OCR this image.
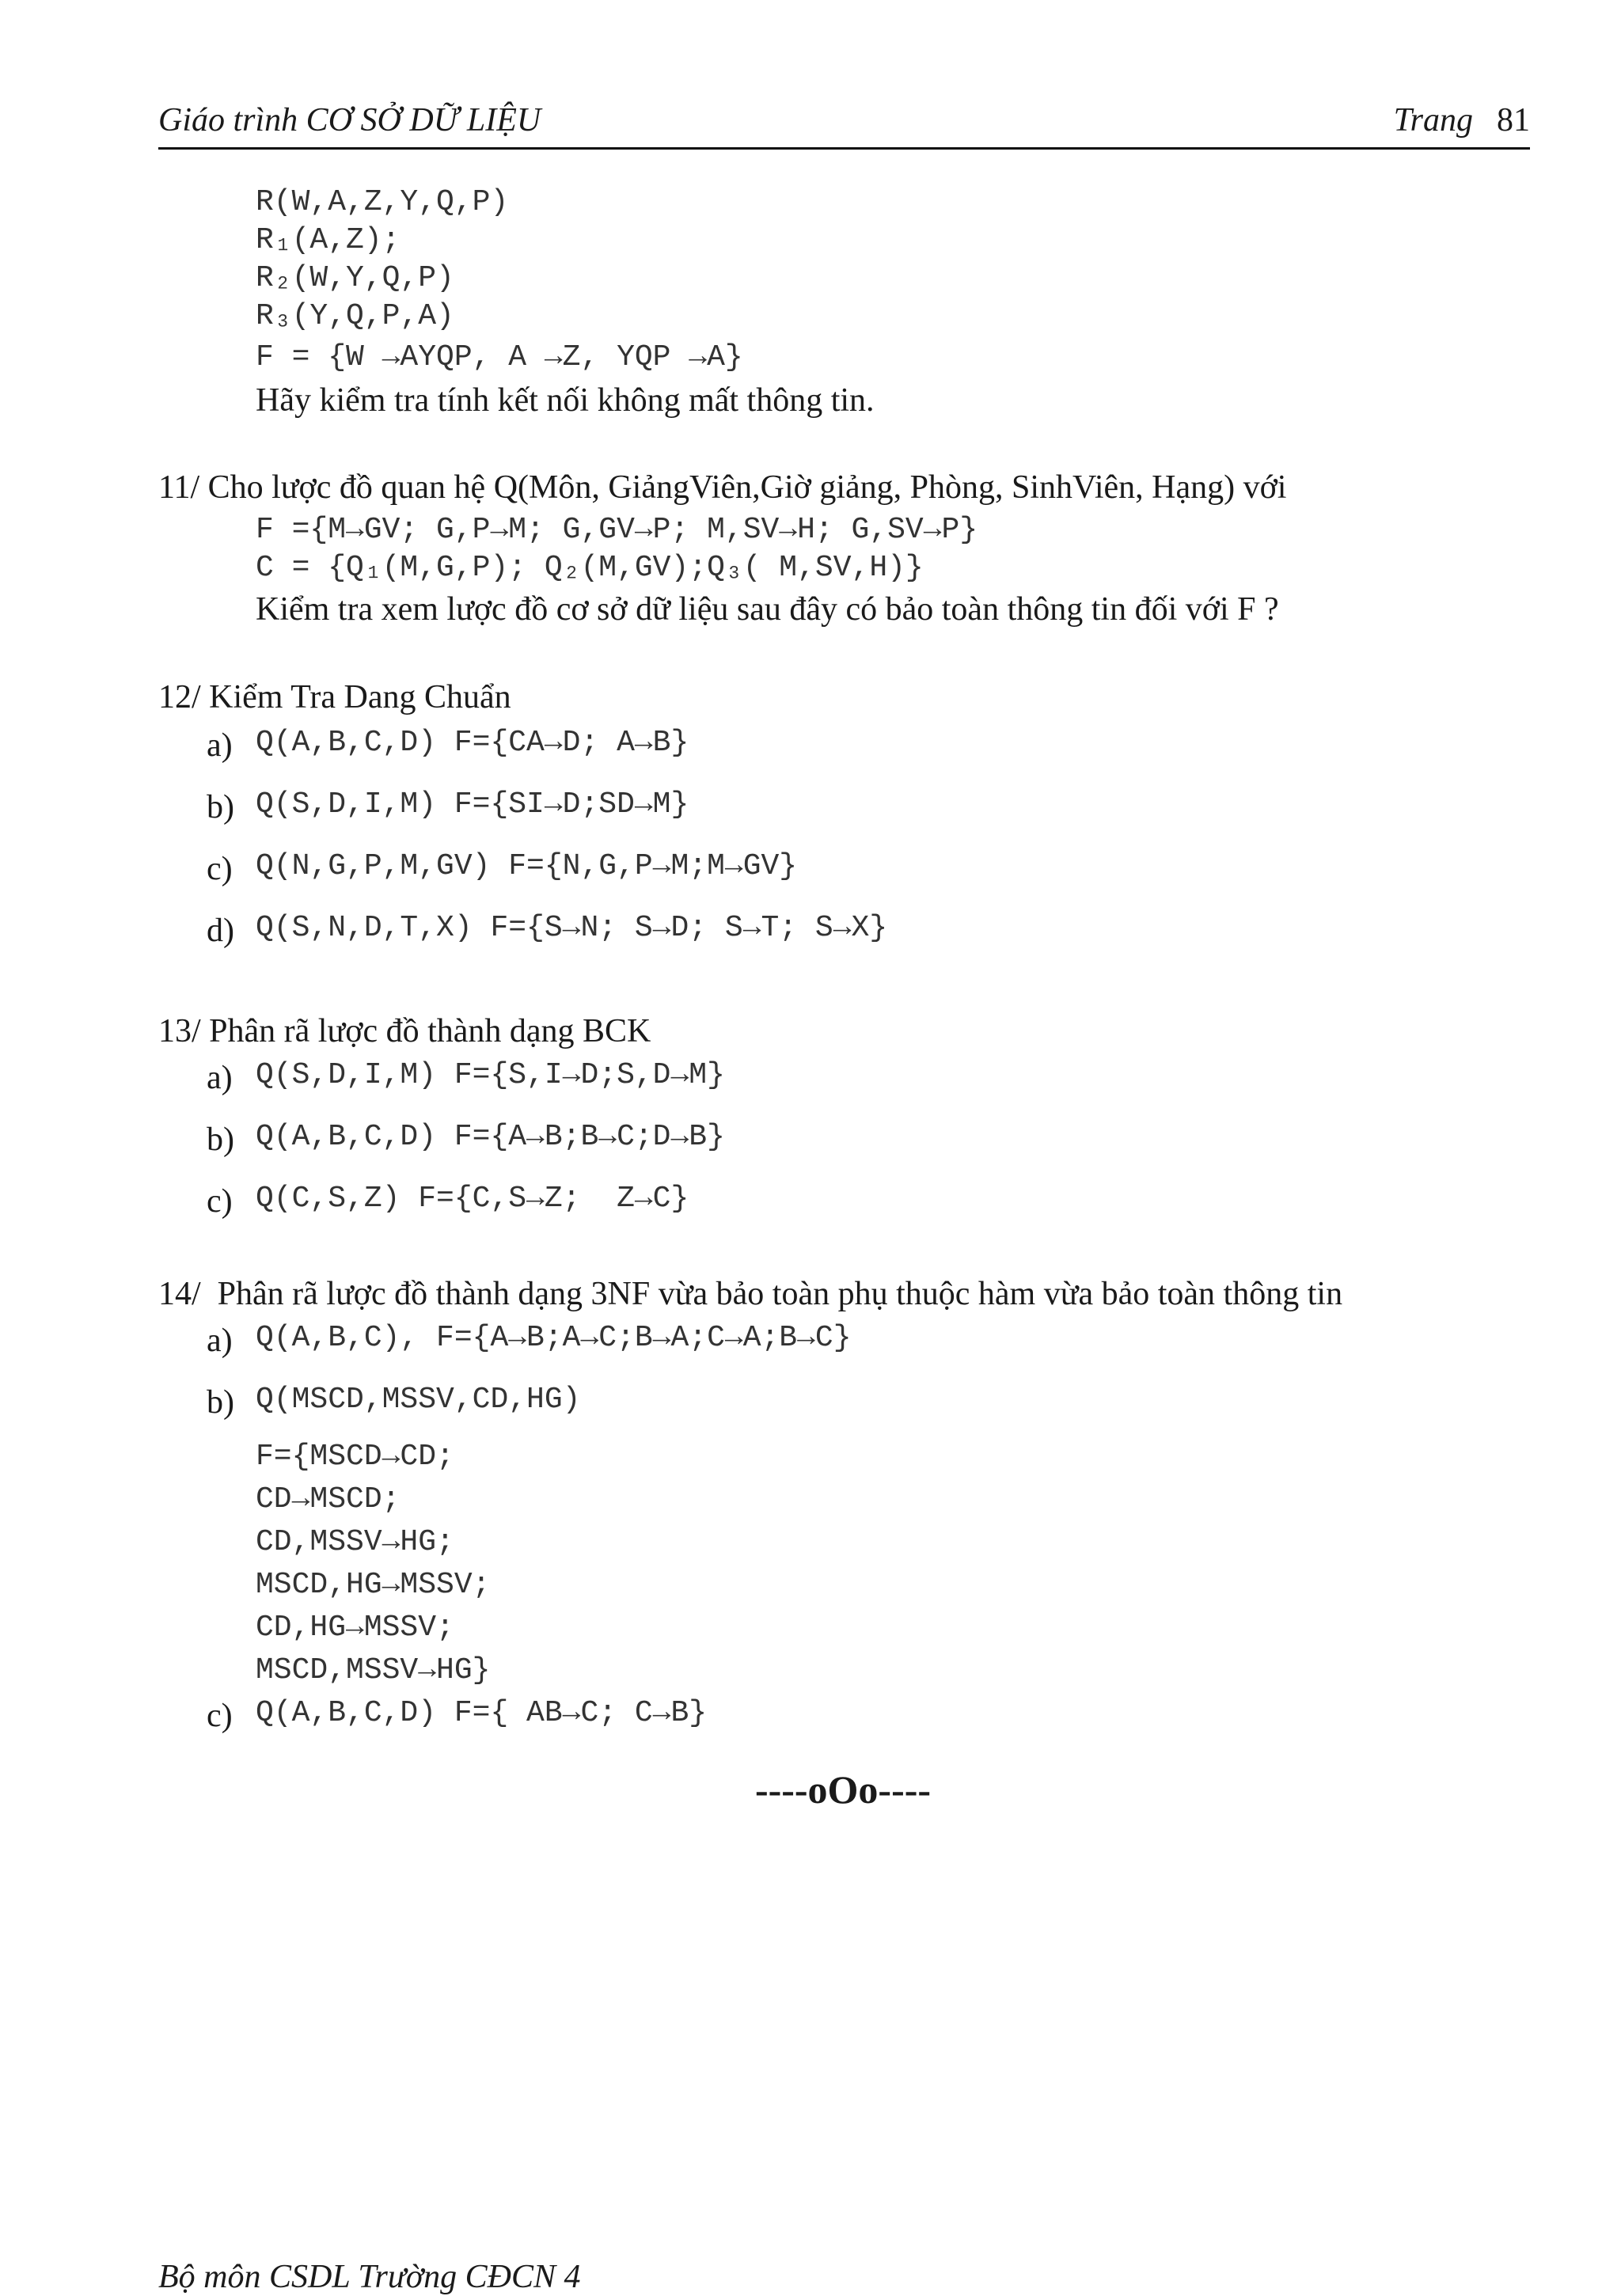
Giáo trình CƠ SỞ DỮ LIỆU	Trang 81
R(W,A,Z,Y,Q,P)
R₁(A,Z);
R₂(W,Y,Q,P)
R₃(Y,Q,P,A)
F = {W →AYQP, A →Z, YQP →A}
Hãy kiểm tra tính kết nối không mất thông tin.
11/ Cho lược đồ quan hệ Q(Môn, GiảngViên,Giờ giảng, Phòng, SinhViên, Hạng) với
F ={M→GV; G,P→M; G,GV→P; M,SV→H; G,SV→P}
C = {Q₁(M,G,P); Q₂(M,GV);Q₃( M,SV,H)}
Kiểm tra xem lược đồ cơ sở dữ liệu sau đây có bảo toàn thông tin đối với F ?
12/ Kiểm Tra Dang Chuẩn
a) Q(A,B,C,D) F={CA→D; A→B}
b) Q(S,D,I,M) F={SI→D;SD→M}
c) Q(N,G,P,M,GV) F={N,G,P→M;M→GV}
d) Q(S,N,D,T,X) F={S→N; S→D; S→T; S→X}
13/ Phân rã lược đồ thành dạng BCK
a) Q(S,D,I,M) F={S,I→D;S,D→M}
b) Q(A,B,C,D) F={A→B;B→C;D→B}
c) Q(C,S,Z) F={C,S→Z;  Z→C}
14/  Phân rã lược đồ thành dạng 3NF vừa bảo toàn phụ thuộc hàm vừa bảo toàn thông tin
a) Q(A,B,C), F={A→B;A→C;B→A;C→A;B→C}
b) Q(MSCD,MSSV,CD,HG)
F={MSCD→CD;
CD→MSCD;
CD,MSSV→HG;
MSCD,HG→MSSV;
CD,HG→MSSV;
MSCD,MSSV→HG}
c) Q(A,B,C,D) F={ AB→C; C→B}
----oOo----
Bộ môn CSDL Trường CĐCN 4
